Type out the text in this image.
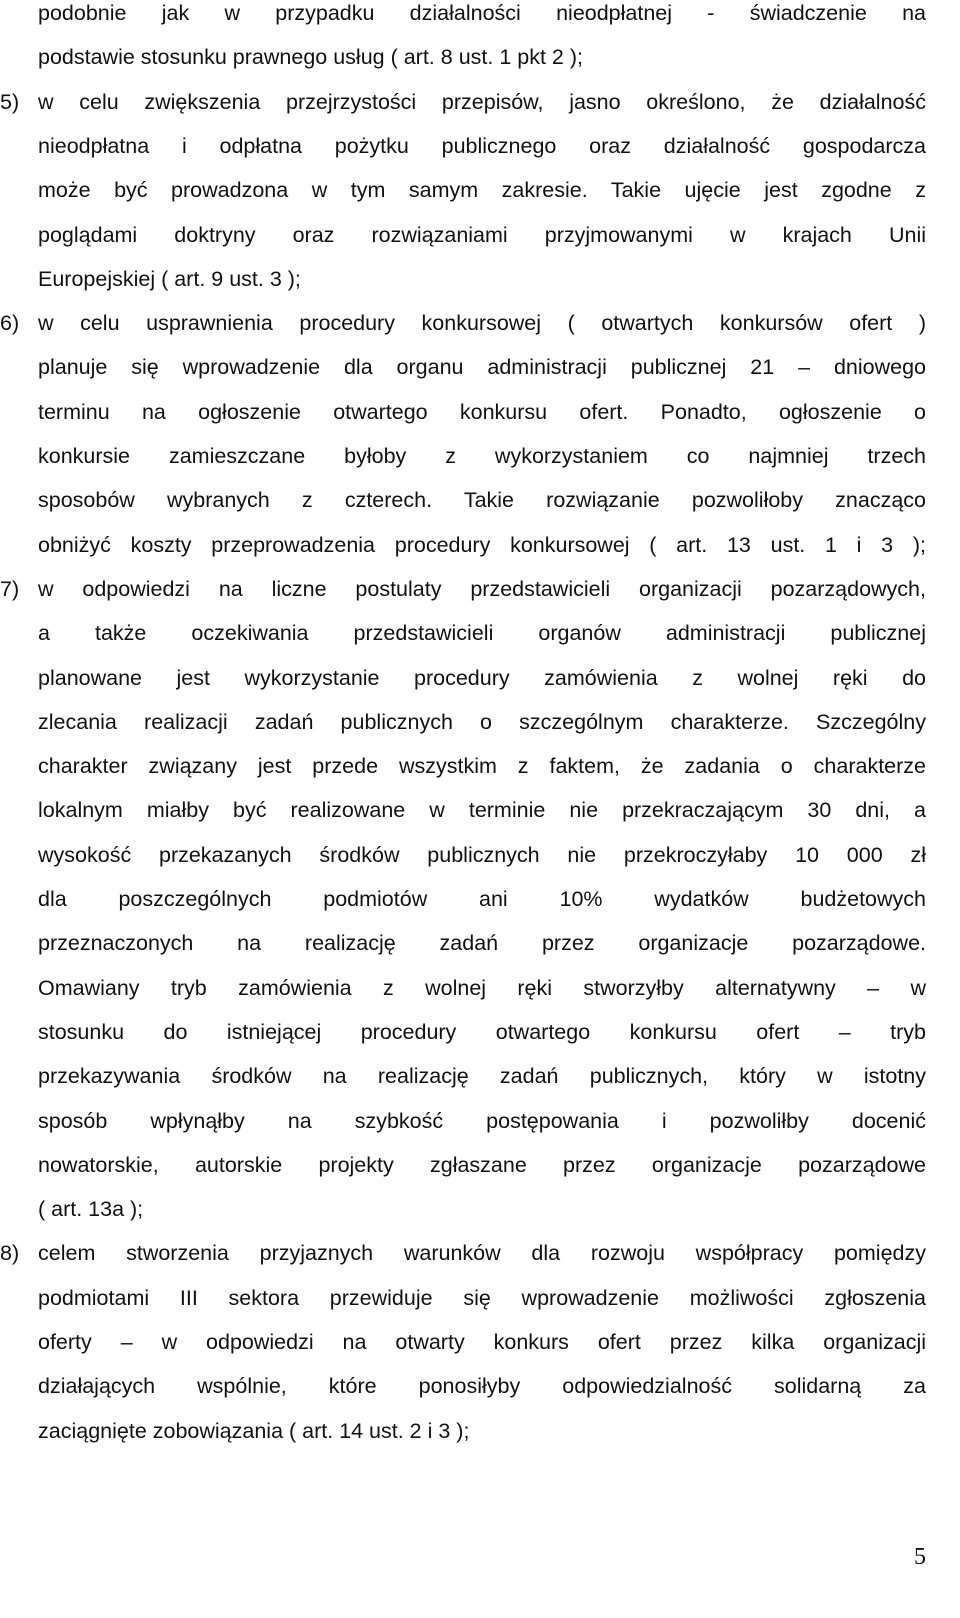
podobnie jak w przypadku działalności nieodpłatnej - świadczenie na
podstawie stosunku prawnego usług ( art. 8 ust. 1 pkt 2 );
5) w celu zwiększenia przejrzystości przepisów, jasno określono, że działalność
nieodpłatna i odpłatna pożytku publicznego oraz działalność gospodarcza
może być prowadzona w tym samym zakresie. Takie ujęcie jest zgodne z
poglądami doktryny oraz rozwiązaniami przyjmowanymi w krajach Unii
Europejskiej ( art. 9 ust. 3 );
6) w celu usprawnienia procedury konkursowej ( otwartych konkursów ofert )
planuje się wprowadzenie dla organu administracji publicznej 21 – dniowego
terminu na ogłoszenie otwartego konkursu ofert. Ponadto, ogłoszenie o
konkursie zamieszczane byłoby z wykorzystaniem co najmniej trzech
sposobów wybranych z czterech. Takie rozwiązanie pozwoliłoby znacząco
obniżyć koszty przeprowadzenia procedury konkursowej ( art. 13 ust. 1 i 3 );
7) w odpowiedzi na liczne postulaty przedstawicieli organizacji pozarządowych,
a także oczekiwania przedstawicieli organów administracji publicznej
planowane jest wykorzystanie procedury zamówienia z wolnej ręki do
zlecania realizacji zadań publicznych o szczególnym charakterze. Szczególny
charakter związany jest przede wszystkim z faktem, że zadania o charakterze
lokalnym miałby być realizowane w terminie nie przekraczającym 30 dni, a
wysokość przekazanych środków publicznych nie przekroczyłaby 10 000 zł
dla poszczególnych podmiotów ani 10% wydatków budżetowych
przeznaczonych na realizację zadań przez organizacje pozarządowe.
Omawiany tryb zamówienia z wolnej ręki stworzyłby alternatywny – w
stosunku do istniejącej procedury otwartego konkursu ofert – tryb
przekazywania środków na realizację zadań publicznych, który w istotny
sposób wpłynąłby na szybkość postępowania i pozwoliłby docenić
nowatorskie, autorskie projekty zgłaszane przez organizacje pozarządowe
( art. 13a );
8) celem stworzenia przyjaznych warunków dla rozwoju współpracy pomiędzy
podmiotami III sektora przewiduje się wprowadzenie możliwości zgłoszenia
oferty – w odpowiedzi na otwarty konkurs ofert przez kilka organizacji
działających wspólnie, które ponosiłyby odpowiedzialność solidarną za
zaciągnięte zobowiązania ( art. 14 ust. 2 i 3 );
5
